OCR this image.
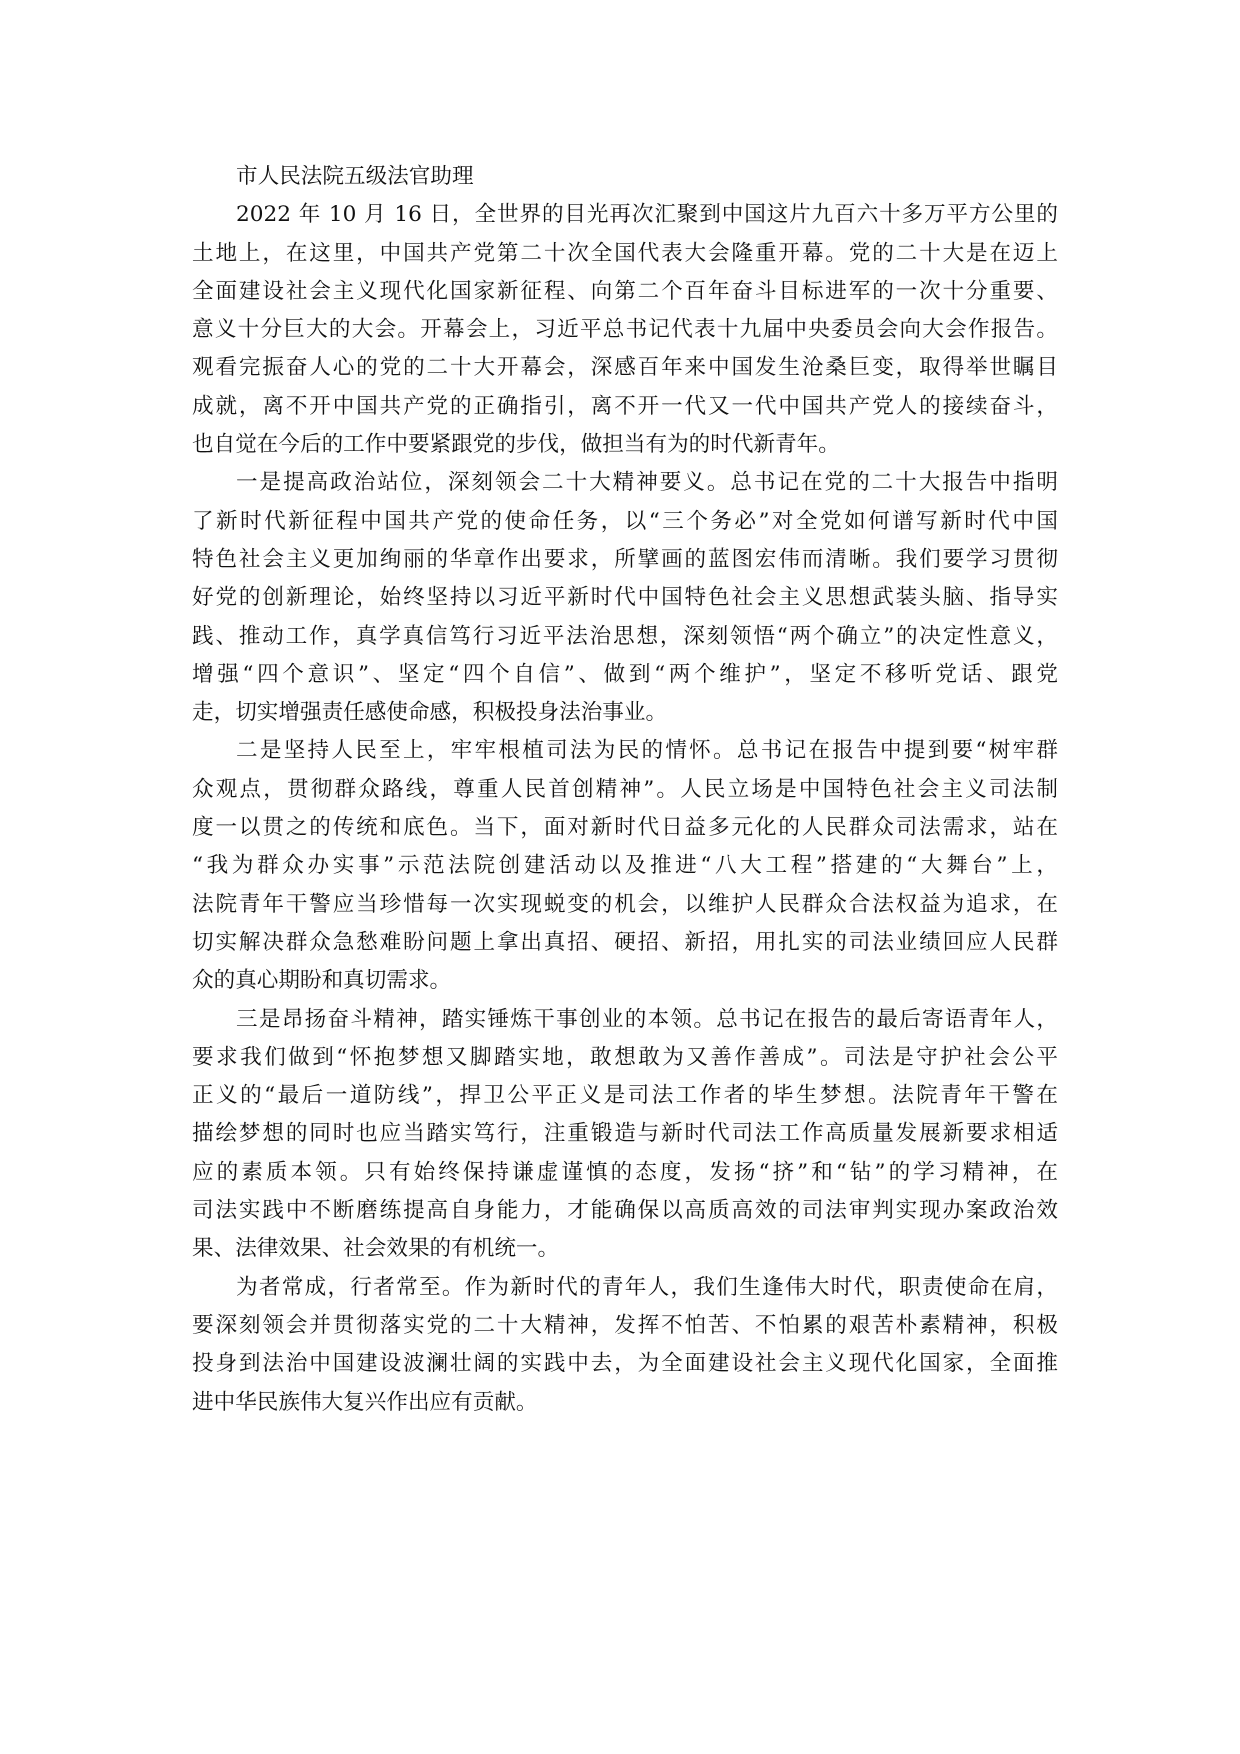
市人民法院五级法官助理
2022 年 10 月 16 日，全世界的目光再次汇聚到中国这片九百六十多万平方公里的
土地上，在这里，中国共产党第二十次全国代表大会隆重开幕。党的二十大是在迈上
全面建设社会主义现代化国家新征程、向第二个百年奋斗目标进军的一次十分重要、
意义十分巨大的大会。开幕会上，习近平总书记代表十九届中央委员会向大会作报告。
观看完振奋人心的党的二十大开幕会，深感百年来中国发生沧桑巨变，取得举世瞩目
成就，离不开中国共产党的正确指引，离不开一代又一代中国共产党人的接续奋斗，
也自觉在今后的工作中要紧跟党的步伐，做担当有为的时代新青年。
一是提高政治站位，深刻领会二十大精神要义。总书记在党的二十大报告中指明
了新时代新征程中国共产党的使命任务，以“三个务必”对全党如何谱写新时代中国
特色社会主义更加绚丽的华章作出要求，所擘画的蓝图宏伟而清晰。我们要学习贯彻
好党的创新理论，始终坚持以习近平新时代中国特色社会主义思想武装头脑、指导实
践、推动工作，真学真信笃行习近平法治思想，深刻领悟“两个确立”的决定性意义，
增强“四个意识”、坚定“四个自信”、做到“两个维护”，坚定不移听党话、跟党
走，切实增强责任感使命感，积极投身法治事业。
二是坚持人民至上，牢牢根植司法为民的情怀。总书记在报告中提到要“树牢群
众观点，贯彻群众路线，尊重人民首创精神”。人民立场是中国特色社会主义司法制
度一以贯之的传统和底色。当下，面对新时代日益多元化的人民群众司法需求，站在
“我为群众办实事”示范法院创建活动以及推进“八大工程”搭建的“大舞台”上，
法院青年干警应当珍惜每一次实现蜕变的机会，以维护人民群众合法权益为追求，在
切实解决群众急愁难盼问题上拿出真招、硬招、新招，用扎实的司法业绩回应人民群
众的真心期盼和真切需求。
三是昂扬奋斗精神，踏实锤炼干事创业的本领。总书记在报告的最后寄语青年人，
要求我们做到“怀抱梦想又脚踏实地，敢想敢为又善作善成”。司法是守护社会公平
正义的“最后一道防线”，捍卫公平正义是司法工作者的毕生梦想。法院青年干警在
描绘梦想的同时也应当踏实笃行，注重锻造与新时代司法工作高质量发展新要求相适
应的素质本领。只有始终保持谦虚谨慎的态度，发扬“挤”和“钻”的学习精神，在
司法实践中不断磨练提高自身能力，才能确保以高质高效的司法审判实现办案政治效
果、法律效果、社会效果的有机统一。
为者常成，行者常至。作为新时代的青年人，我们生逢伟大时代，职责使命在肩，
要深刻领会并贯彻落实党的二十大精神，发挥不怕苦、不怕累的艰苦朴素精神，积极
投身到法治中国建设波澜壮阔的实践中去，为全面建设社会主义现代化国家，全面推
进中华民族伟大复兴作出应有贡献。
